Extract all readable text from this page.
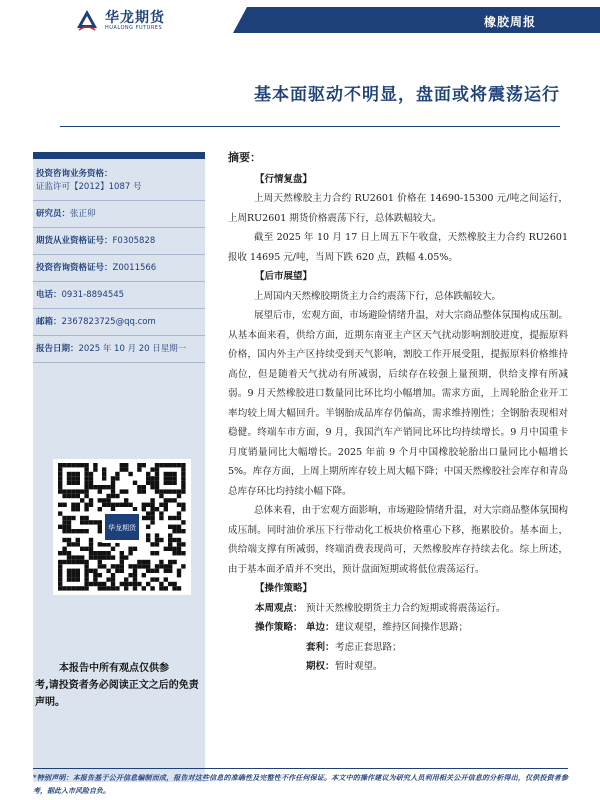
华龙期货
HUALONG FUTURES	橡胶周报
基本面驱动不明显，盘面或将震荡运行
投资咨询业务资格：
证监许可【2012】1087 号
研究员：张正卯
期货从业资格证号：F0305828
投资咨询资格证号：Z0011566
电话：0931-8894545
邮箱：2367823725@qq.com
报告日期：2025 年 10 月 20 日星期一
华龙期货
本报告中所有观点仅供参
考,请投资者务必阅读正文之后的免责声明。
摘要：
【行情复盘】
上周天然橡胶主力合约 RU2601 价格在 14690-15300 元/吨之间运行，上周RU2601 期货价格震荡下行，总体跌幅较大。
截至 2025 年 10 月 17 日上周五下午收盘，天然橡胶主力合约 RU2601 报收 14695 元/吨，当周下跌 620 点，跌幅 4.05%。
【后市展望】
上周国内天然橡胶期货主力合约震荡下行，总体跌幅较大。
展望后市，宏观方面，市场避险情绪升温，对大宗商品整体氛围构成压制。从基本面来看，供给方面，近期东南亚主产区天气扰动影响割胶进度，提振原料价格，国内外主产区持续受到天气影响，割胶工作开展受阻，提振原料价格维持高位，但是随着天气扰动有所减弱，后续存在较强上量预期，供给支撑有所减弱。9 月天然橡胶进口数量同比环比均小幅增加。需求方面，上周轮胎企业开工率均较上周大幅回升。半钢胎成品库存仍偏高，需求维持刚性；全钢胎表现相对稳健。终端车市方面，9 月，我国汽车产销同比环比均持续增长。9 月中国重卡月度销量同比大幅增长。2025 年前 9 个月中国橡胶轮胎出口量同比小幅增长 5%。库存方面，上周上期所库存较上周大幅下降；中国天然橡胶社会库存和青岛总库存环比均持续小幅下降。
总体来看，由于宏观方面影响，市场避险情绪升温，对大宗商品整体氛围构成压制。同时油价承压下行带动化工板块价格重心下移，拖累胶价。基本面上，供给端支撑有所减弱，终端消费表现尚可，天然橡胶库存持续去化。综上所述，由于基本面矛盾并不突出，预计盘面短期或将低位震荡运行。
【操作策略】
本周观点： 预计天然橡胶期货主力合约短期或将震荡运行。
操作策略： 单边： 建议观望，维持区间操作思路；
套利： 考虑正套思路；
期权： 暂时观望。
*特别声明：本报告基于公开信息编制而成，报告对这些信息的准确性及完整性不作任何保证。本文中的操作建议为研究人员利用相关公开信息的分析得出，仅供投资者参考，据此入市风险自负。
